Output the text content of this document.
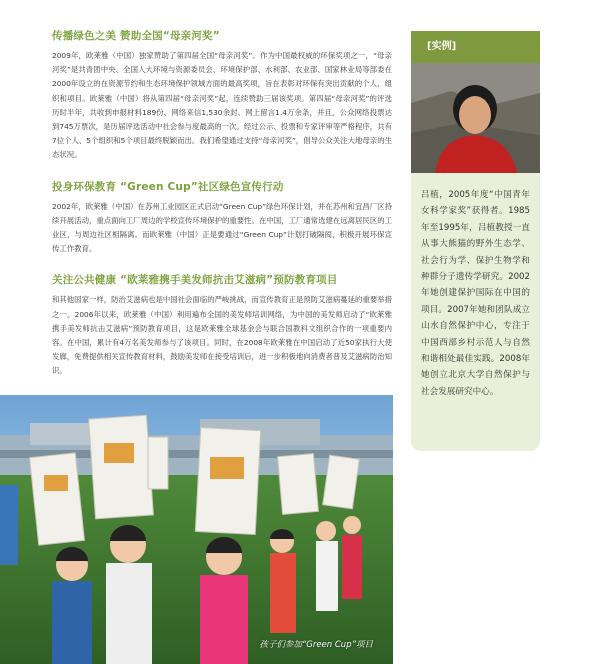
传播绿色之美 赞助全国“母亲河奖”

2009年，欧莱雅（中国）独家赞助了第四届全国“母亲河奖”。作为中国最权威的环保奖项之一，“母亲河奖”是共青团中央、全国人大环境与资源委员会、环境保护部、水利部、农业部、国家林业局等部委在2000年设立的在资源节约和生态环境保护领域方面的最高奖项，旨在表彰对环保有突出贡献的个人、组织和项目。欧莱雅（中国）将从第四届“母亲河奖”起，连续赞助三届该奖项。第四届“母亲河奖”的评选历时半年，共收到申报材料189份、网络来信1,530余封、网上留言1.4万余条，并且，公众网络投票达到745万票次，是历届评选活动中社会参与度最高的一次。经过公示、投票和专家评审等严格程序，共有7位个人、5个组织和5个项目最终脱颖而出。我们希望通过支持“母亲河奖”，倡导公众关注大地母亲的生态状况。

投身环保教育 “Green Cup”社区绿色宣传行动

2002年，欧莱雅（中国）在苏州工业园区正式启动“Green Cup”绿色环保计划，并在苏州和宜昌厂区持续开展活动，重点面向工厂周边的学校宣传环境保护的重要性。在中国，工厂通常选建在远离居民区的工业区，与周边社区相隔离。而欧莱雅（中国）正是要通过“Green Cup”计划打破隔阂，积极开展环保宣传工作教育。

关注公共健康 “欧莱雅携手美发师抗击艾滋病”预防教育项目

和其他国家一样，防治艾滋病也是中国社会面临的严峻挑战，而宣传教育正是预防艾滋病蔓延的重要举措之一。2006年以来，欧莱雅（中国）利用遍布全国的美发师培训网络，为中国的美发师启动了“欧莱雅携手美发师抗击艾滋病”预防教育项目，这是欧莱雅全球基金会与联合国教科文组织合作的一项重要内容。在中国，累计有4万名美发师参与了该项目。同时，在2008年欧莱雅在中国启动了近50家执行大使发廊，免费提供相关宣传教育材料，鼓励美发师在接受培训后，进一步积极地向消费者普及艾滋病防治知识。

孩子们参加“Green Cup”项目
[实例]
吕植，2005年度“中国青年女科学家奖”获得者。1985年至1995年，吕植教授一直从事大熊猫的野外生态学、社会行为学、保护生物学和种群分子遗传学研究。2002年她创建保护国际在中国的项目。2007年她和团队成立山水自然保护中心，专注于中国西部乡村示范人与自然和谐相处最佳实践。2008年她创立北京大学自然保护与社会发展研究中心。
